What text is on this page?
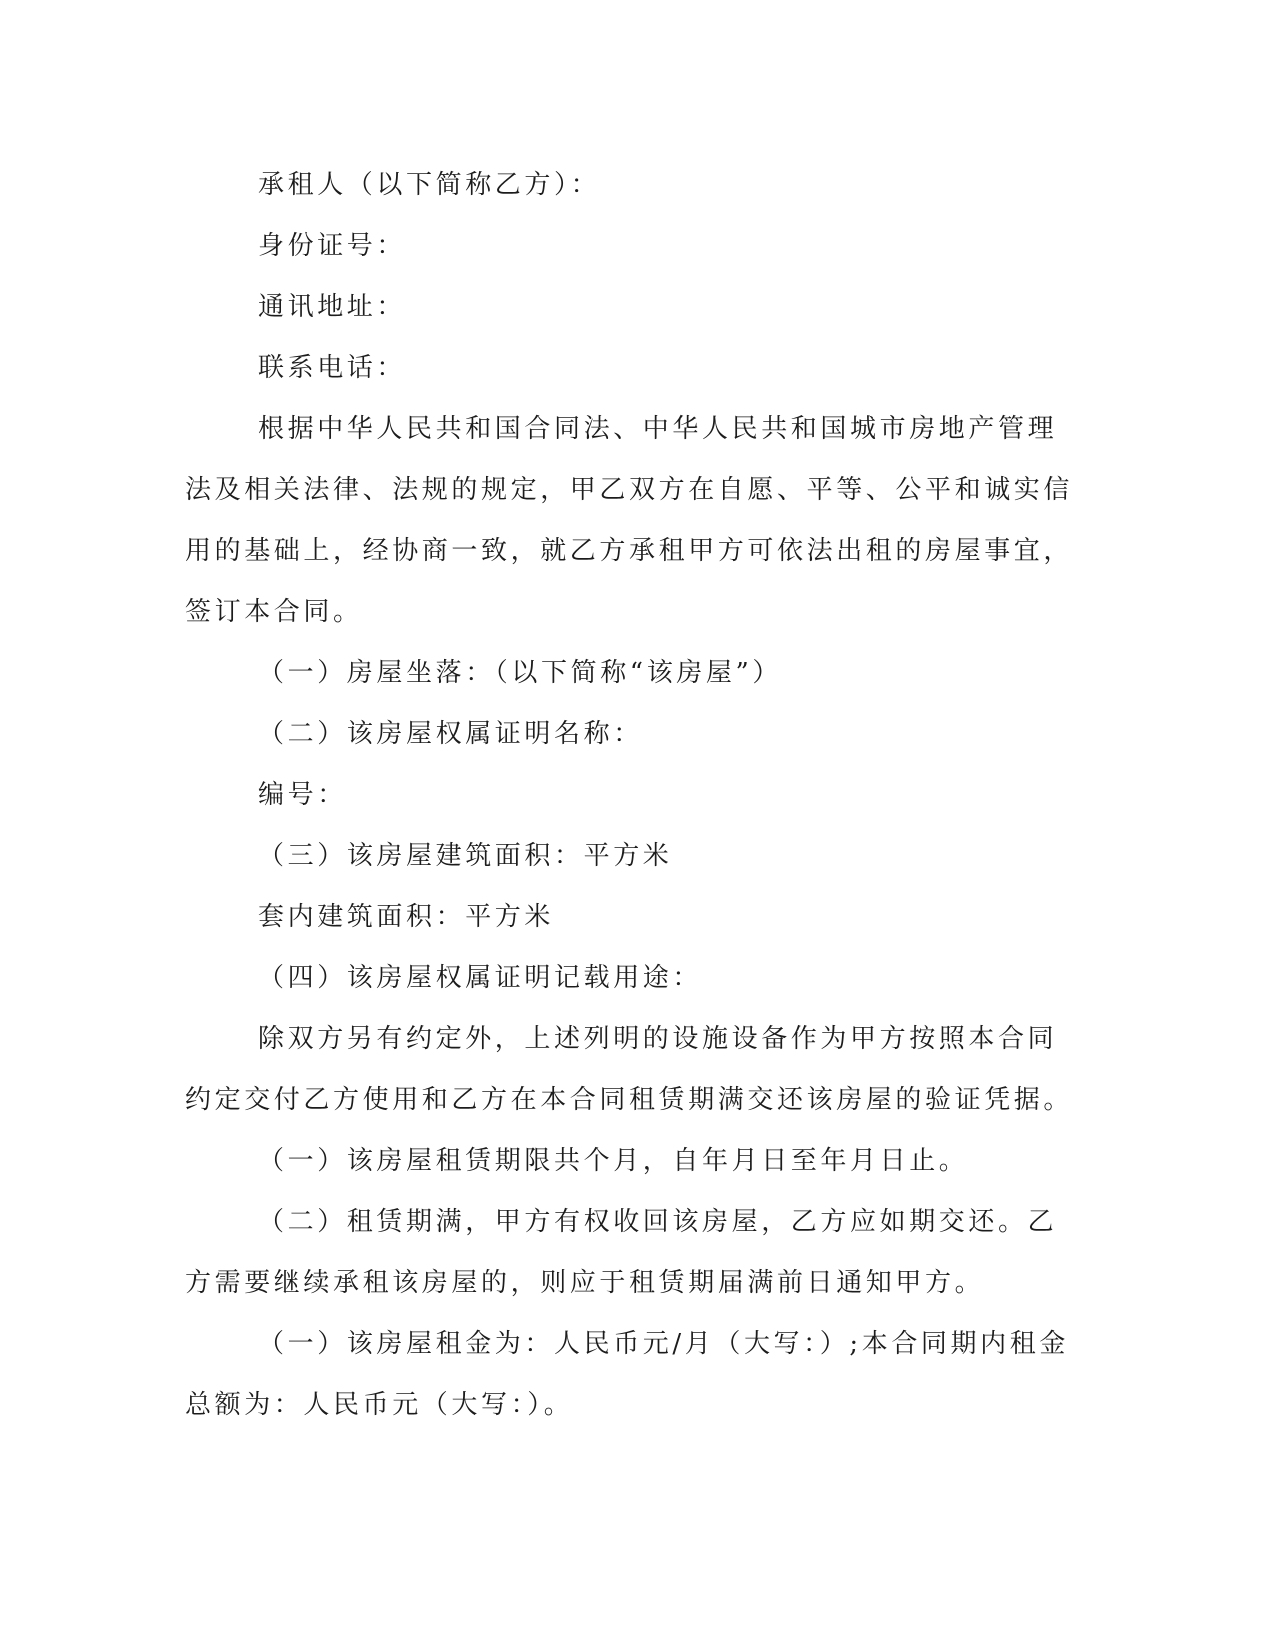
承租人（以下简称乙方）：

身份证号：

通讯地址：

联系电话：

根据中华人民共和国合同法、中华人民共和国城市房地产管理法及相关法律、法规的规定，甲乙双方在自愿、平等、公平和诚实信用的基础上，经协商一致，就乙方承租甲方可依法出租的房屋事宜，签订本合同。

（一）房屋坐落：（以下简称“该房屋”）

（二）该房屋权属证明名称：

编号：

（三）该房屋建筑面积：平方米

套内建筑面积：平方米

（四）该房屋权属证明记载用途：

除双方另有约定外，上述列明的设施设备作为甲方按照本合同约定交付乙方使用和乙方在本合同租赁期满交还该房屋的验证凭据。

（一）该房屋租赁期限共个月，自年月日至年月日止。

（二）租赁期满，甲方有权收回该房屋，乙方应如期交还。乙方需要继续承租该房屋的，则应于租赁期届满前日通知甲方。

（一）该房屋租金为：人民币元/月（大写：）;本合同期内租金总额为：人民币元（大写：）。
